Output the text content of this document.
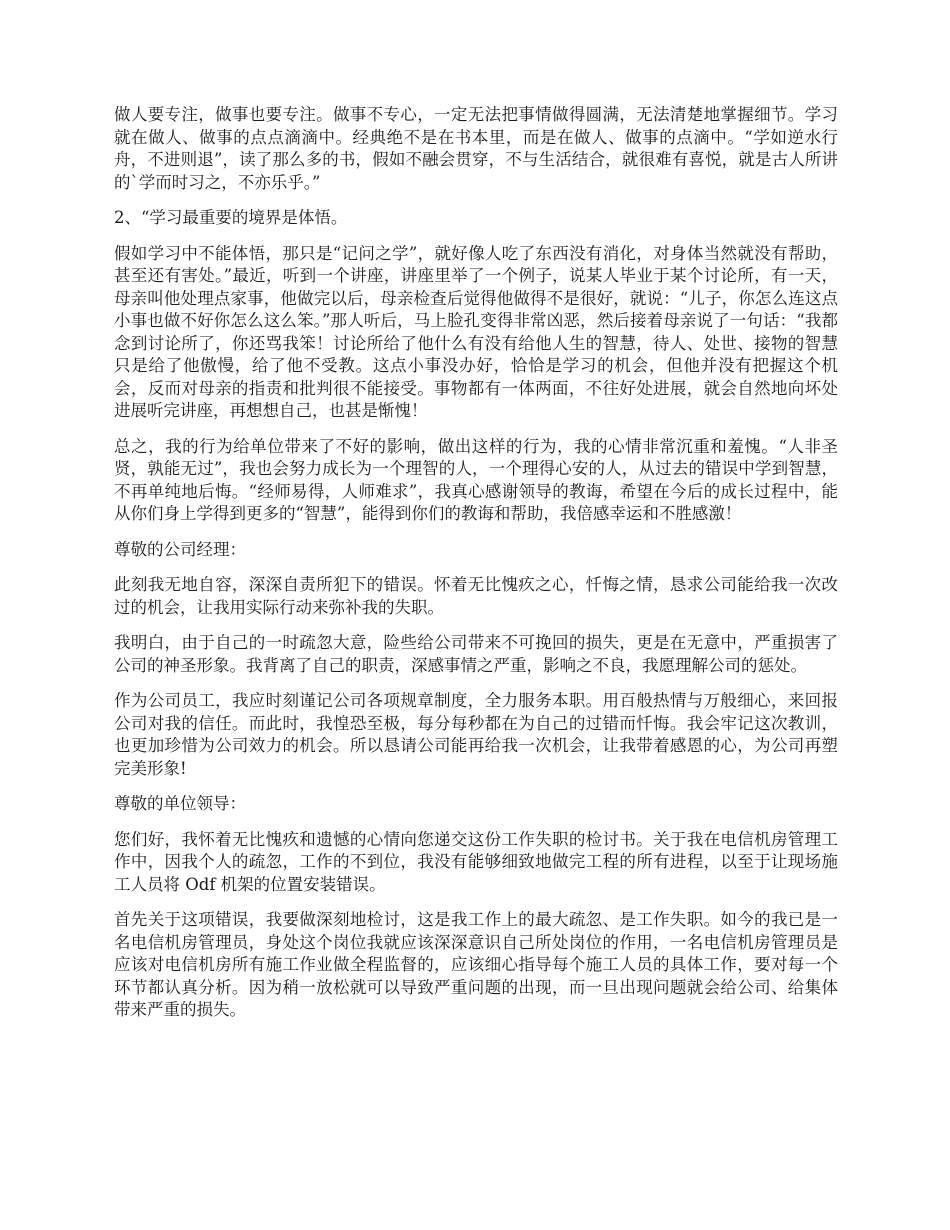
做人要专注，做事也要专注。做事不专心，一定无法把事情做得圆满，无法清楚地掌握细节。学习就在做人、做事的点点滴滴中。经典绝不是在书本里，而是在做人、做事的点滴中。“学如逆水行舟，不进则退”，读了那么多的书，假如不融会贯穿，不与生活结合，就很难有喜悦，就是古人所讲的`学而时习之，不亦乐乎。”

2、“学习最重要的境界是体悟。

假如学习中不能体悟，那只是“记问之学”，就好像人吃了东西没有消化，对身体当然就没有帮助，甚至还有害处。”最近，听到一个讲座，讲座里举了一个例子，说某人毕业于某个讨论所，有一天，母亲叫他处理点家事，他做完以后，母亲检查后觉得他做得不是很好，就说：“儿子，你怎么连这点小事也做不好你怎么这么笨。”那人听后，马上脸孔变得非常凶恶，然后接着母亲说了一句话：“我都念到讨论所了，你还骂我笨！讨论所给了他什么有没有给他人生的智慧，待人、处世、接物的智慧只是给了他傲慢，给了他不受教。这点小事没办好，恰恰是学习的机会，但他并没有把握这个机会，反而对母亲的指责和批判很不能接受。事物都有一体两面，不往好处进展，就会自然地向坏处进展听完讲座，再想想自己，也甚是惭愧！

总之，我的行为给单位带来了不好的影响，做出这样的行为，我的心情非常沉重和羞愧。“人非圣贤，孰能无过”，我也会努力成长为一个理智的人，一个理得心安的人，从过去的错误中学到智慧，不再单纯地后悔。“经师易得，人师难求”，我真心感谢领导的教诲，希望在今后的成长过程中，能从你们身上学得到更多的“智慧”，能得到你们的教诲和帮助，我倍感幸运和不胜感激！

尊敬的公司经理：

此刻我无地自容，深深自责所犯下的错误。怀着无比愧疚之心，忏悔之情，恳求公司能给我一次改过的机会，让我用实际行动来弥补我的失职。

我明白，由于自己的一时疏忽大意，险些给公司带来不可挽回的损失，更是在无意中，严重损害了公司的神圣形象。我背离了自己的职责，深感事情之严重，影响之不良，我愿理解公司的惩处。

作为公司员工，我应时刻谨记公司各项规章制度，全力服务本职。用百般热情与万般细心，来回报公司对我的信任。而此时，我惶恐至极，每分每秒都在为自己的过错而忏悔。我会牢记这次教训，也更加珍惜为公司效力的机会。所以恳请公司能再给我一次机会，让我带着感恩的心，为公司再塑完美形象!

尊敬的单位领导：

您们好，我怀着无比愧疚和遗憾的心情向您递交这份工作失职的检讨书。关于我在电信机房管理工作中，因我个人的疏忽，工作的不到位，我没有能够细致地做完工程的所有进程，以至于让现场施工人员将 Odf 机架的位置安装错误。

首先关于这项错误，我要做深刻地检讨，这是我工作上的最大疏忽、是工作失职。如今的我已是一名电信机房管理员，身处这个岗位我就应该深深意识自己所处岗位的作用，一名电信机房管理员是应该对电信机房所有施工作业做全程监督的，应该细心指导每个施工人员的具体工作，要对每一个环节都认真分析。因为稍一放松就可以导致严重问题的出现，而一旦出现问题就会给公司、给集体带来严重的损失。
